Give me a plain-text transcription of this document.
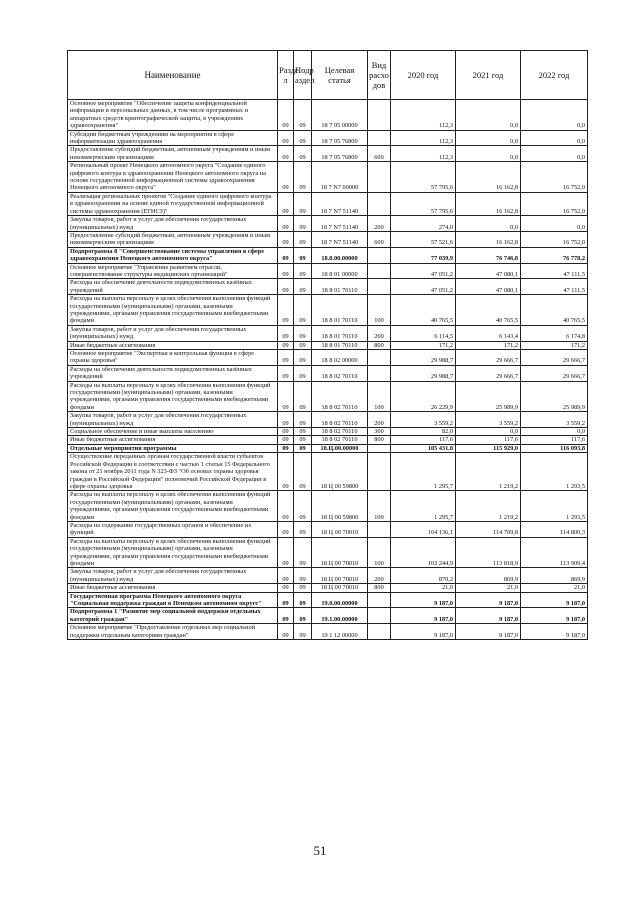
Наименование	Разде л	Подр аздел	Целевая статья	Вид расхо дов	2020 год	2021 год	2022 год
Основное мероприятие "Обеспечение защиты конфиденциальной информации и персональных данных, в том числе программных и аппаратных средств криптографической защиты, в учреждениях здравоохранения"	09	09	18 7 05 00000		112,3	0,0	0,0
Субсидии бюджетным учреждениям на мероприятия в сфере информатизации здравоохранения	09	09	18 7 05 76800		112,3	0,0	0,0
Предоставление субсидий бюджетным, автономным учреждениям и иным некоммерческим организациям	09	09	18 7 05 76800	600	112,3	0,0	0,0
Региональный проект Ненецкого автономного округа "Создание единого цифрового контура в здравоохранении Ненецкого автономного округа на основе государственной информационной системы здравоохранения Ненецкого автономного округа"	09	09	18 7 N7 00000		57 795,6	16 162,8	16 752,0
Реализация региональных проектов "Создание единого цифрового контура в здравоохранении на основе единой государственной информационной системы здравоохранения (ЕГИСЗ)"	09	09	18 7 N7 51140		57 795,6	16 162,8	16 752,0
Закупка товаров, работ и услуг для обеспечения государственных (муниципальных) нужд	09	09	18 7 N7 51140	200	274,0	0,0	0,0
Предоставление субсидий бюджетным, автономным учреждениям и иным некоммерческим организациям	09	09	18 7 N7 51140	600	57 521,6	16 162,8	16 752,0
Подпрограмма 8 "Совершенствование системы управления в сфере здравоохранения Ненецкого автономного округа"	09	09	18.8.00.00000		77 039,9	76 746,8	76 778,2
Основное мероприятие "Управление развитием отрасли, совершенствование структуры медицинских организаций"	09	09	18 8 01 00000		47 051,2	47 080,1	47 111,5
Расходы на обеспечение деятельности подведомственных казённых учреждений	09	09	18 8 01 70110		47 051,2	47 080,1	47 111,5
Расходы на выплаты персоналу в целях обеспечения выполнения функций государственными (муниципальными) органами, казенными учреждениями, органами управления государственными внебюджетными фондами	09	09	18 8 01 70110	100	40 765,5	40 765,5	40 765,5
Закупка товаров, работ и услуг для обеспечения государственных (муниципальных) нужд	09	09	18 8 01 70110	200	6 114,5	6 143,4	6 174,8
Иные бюджетные ассигнования	09	09	18 8 01 70110	800	171,2	171,2	171,2
Основное мероприятие "Экспертная и контрольная функция в сфере охраны здоровья"	09	09	18 8 02 00000		29 988,7	29 666,7	29 666,7
Расходы на обеспечение деятельности подведомственных казённых учреждений	09	09	18 8 02 70110		29 988,7	29 666,7	29 666,7
Расходы на выплаты персоналу в целях обеспечения выполнения функций государственными (муниципальными) органами, казенными учреждениями, органами управления государственными внебюджетными фондами	09	09	18 8 02 70110	100	26 229,9	25 989,9	25 989,9
Закупка товаров, работ и услуг для обеспечения государственных (муниципальных) нужд	09	09	18 8 02 70110	200	3 559,2	3 559,2	3 559,2
Социальное обеспечение и иные выплаты населению	09	09	18 8 02 70110	300	82,0	0,0	0,0
Иные бюджетные ассигнования	09	09	18 8 02 70110	800	117,6	117,6	117,6
Отдельные мероприятия программы	09	09	18.Ц.00.00000		105 431,8	115 929,0	116 093,8
Осуществление переданных органам государственной власти субъектов Российской Федерации в соответствии с частью 1 статьи 15 Федерального закона от 21 ноября 2011 года N 323-ФЗ "Об основах охраны здоровья граждан в Российской Федерации" полномочий Российской Федерации в сфере охраны здоровья	09	09	18 Ц 00 59800		1 295,7	1 219,2	1 293,5
Расходы на выплаты персоналу в целях обеспечения выполнения функций государственными (муниципальными) органами, казенными учреждениями, органами управления государственными внебюджетными фондами	09	09	18 Ц 00 59800	100	1 295,7	1 219,2	1 293,5
Расходы на содержание государственных органов и обеспечение их функций	09	09	18 Ц 00 70010		104 136,1	114 709,8	114 800,3
Расходы на выплаты персоналу в целях обеспечения выполнения функций государственными (муниципальными) органами, казенными учреждениями, органами управления государственными внебюджетными фондами	09	09	18 Ц 00 70010	100	103 244,9	113 818,9	113 909,4
Закупка товаров, работ и услуг для обеспечения государственных (муниципальных) нужд	09	09	18 Ц 00 70010	200	870,2	869,9	869,9
Иные бюджетные ассигнования	09	09	18 Ц 00 70010	800	21,0	21,0	21,0
Государственная программа Ненецкого автономного округа "Социальная поддержка граждан в Ненецком автономном округе"	09	09	19.0.00.00000		9 187,0	9 187,0	9 187,0
Подпрограмма 1 "Развитие мер социальной поддержки отдельных категорий граждан"	09	09	19.1.00.00000		9 187,0	9 187,0	9 187,0
Основное мероприятие "Предоставление отдельных мер социальной поддержки отдельным категориям граждан"	09	09	19 1 12 00000		9 187,0	9 187,0	9 187,0
51
